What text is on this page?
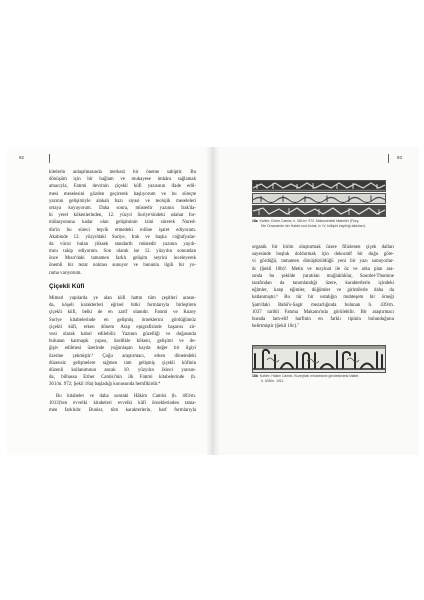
92
kitelerin anlaşılmasında merkezi bir öneme sahiptir. Bu
dönüşüm için bir bağlam ve mukayese imkânı sağlamak
amacıyla, Fatımi devrinin çiçekli küfi yazısının ifade edil-
mesi meselesini gözden geçirerek başlıyorum ve bu süreçte
yazının gelişimiyle alakalı bazı siyasi ve teolojik meseleleri
ortaya koyuyorum. Daha sonra, müstedir yazının Irak'da-
ki yerel kökenlerinden, 12. yüzyıl Suriye'sindeki ıslahat for-
mülasyonuna kadar olan gelişiminin izini sürerek Nured-
din'in bu süreci teşvik etmedeki rolüne işaret ediyorum.
Akabinde 12. yüzyıldaki Suriye, Irak ve başka coğrafyalar-
da vücut bulan yüksek standartlı müstedir yazının yayılı-
mını takip ediyorum. Son olarak ise 12. yüzyılın sonundan
önce Mısır'daki tamamen farklı gelişim seyrini inceleyerek
önemli bir tezat noktası sunuyor ve bununla ilgili bir yo-
ruma varıyorum.
Çiçekli Kûfi
Mimari yapılarda ye alan küfi hattın tüm çeşitleri arasın-
da, köşeli karakterleri eğrisel bitki formlarıyla birleştiren
çiçekli küfi, belki de en zarif olanıdır. Fatımi ve Kuzey
Suriye kitabelerinde en gelişmiş örneklerini gördüğümüz
çiçekli küfi, erken dönem Arap epigrafisinde başarısı zir-
vesi olarak kabul edilebilir. Yazının güzelliği ve doğasında
bulunan karmaşık yapısı, özellikle kökeni, gelişimi ve de-
ğişiv edilmesi üzerinde yoğunlaşan kayda değer bir ilgiyi
üzerine çekmiştir.³ Çoğu araştırmacı, erken dönemdeki
düzensiz gelişmelere rağmen tam gelişmiş çiçekli kûfinin
düzenli kullanımının ancak 10. yüzyılın ikinci yarısın-
da, bilhassa Ezher Camisi'nin ilk Fatımi kitabelerinde (h.
361/m. 972; Şekil 18a) başladığı konusunda hemfikirdir.⁴
Bu kitabeler ve daha sonraki Hâkim Camisi (h. 403/m.
1013)'ten evvelki kitabeleri evvelki kûfi örneklerinden tama-
men farklıdır. Bunlar, tüm karakterlerin, harf formlarıyla
93
18a Kahire, Ezher Camisi, h. 361/m. 972. Maksuredeki kitabeler (Flury,
Die Ornamente der Hakim und Ashar, lv. IV, kütüphi kayıtlığı tabloları).
organik bir birim oluşturmak üzere filizlenen çiçek dalları
sayesinde boşluk doldurmak için dekoratif bir doğu göre-
vi gördüğü, tamamen dönüştürüldüğü yeni bir yazı sunuyorlar-
dı (Şekil 18b)⁵. Metin ve tezyinat ile öz ve arka plan ara-
sında bu şekilde yaratılan muğlaklıklar, Sourdel-Thomine
tarafından da tanımlandığı üzere, karakterlerin içindeki
eğimler, karşı eğimler, düğümler ve girintilerle daha da
katlanmıştır.⁶ Bu tür bir ustalığın muhteşem bir örneği
Şam'daki Babü's-Sagir mezarlığında bulunan h. 439/m.
1037 tarihli Fatıma Makamı'nda görülebilir. Bir araştırmacı
burada lam-elif harfinin en farklı tipinin bulunduğunu
belirtmiştir (Şekil 18c).⁷
18b Kahire, Hâkim Camisi. Kuzeybatı minaresinin gövdesindeki kitabe.
h. 403/m. 1011.
